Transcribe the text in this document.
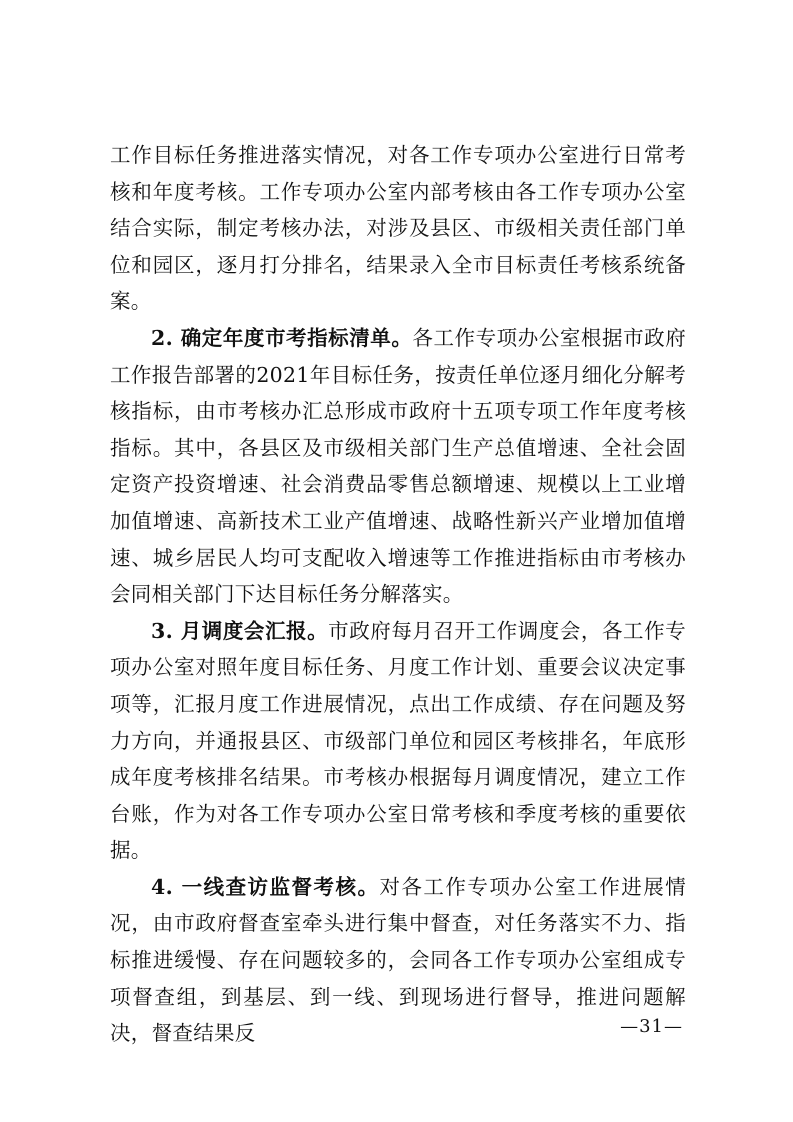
工作目标任务推进落实情况，对各工作专项办公室进行日常考核和年度考核。工作专项办公室内部考核由各工作专项办公室结合实际，制定考核办法，对涉及县区、市级相关责任部门单位和园区，逐月打分排名，结果录入全市目标责任考核系统备案。

2. 确定年度市考指标清单。各工作专项办公室根据市政府工作报告部署的2021年目标任务，按责任单位逐月细化分解考核指标，由市考核办汇总形成市政府十五项专项工作年度考核指标。其中，各县区及市级相关部门生产总值增速、全社会固定资产投资增速、社会消费品零售总额增速、规模以上工业增加值增速、高新技术工业产值增速、战略性新兴产业增加值增速、城乡居民人均可支配收入增速等工作推进指标由市考核办会同相关部门下达目标任务分解落实。

3. 月调度会汇报。市政府每月召开工作调度会，各工作专项办公室对照年度目标任务、月度工作计划、重要会议决定事项等，汇报月度工作进展情况，点出工作成绩、存在问题及努力方向，并通报县区、市级部门单位和园区考核排名，年底形成年度考核排名结果。市考核办根据每月调度情况，建立工作台账，作为对各工作专项办公室日常考核和季度考核的重要依据。

4. 一线查访监督考核。对各工作专项办公室工作进展情况，由市政府督查室牵头进行集中督查，对任务落实不力、指标推进缓慢、存在问题较多的，会同各工作专项办公室组成专项督查组，到基层、到一线、到现场进行督导，推进问题解决，督查结果反	—31—
